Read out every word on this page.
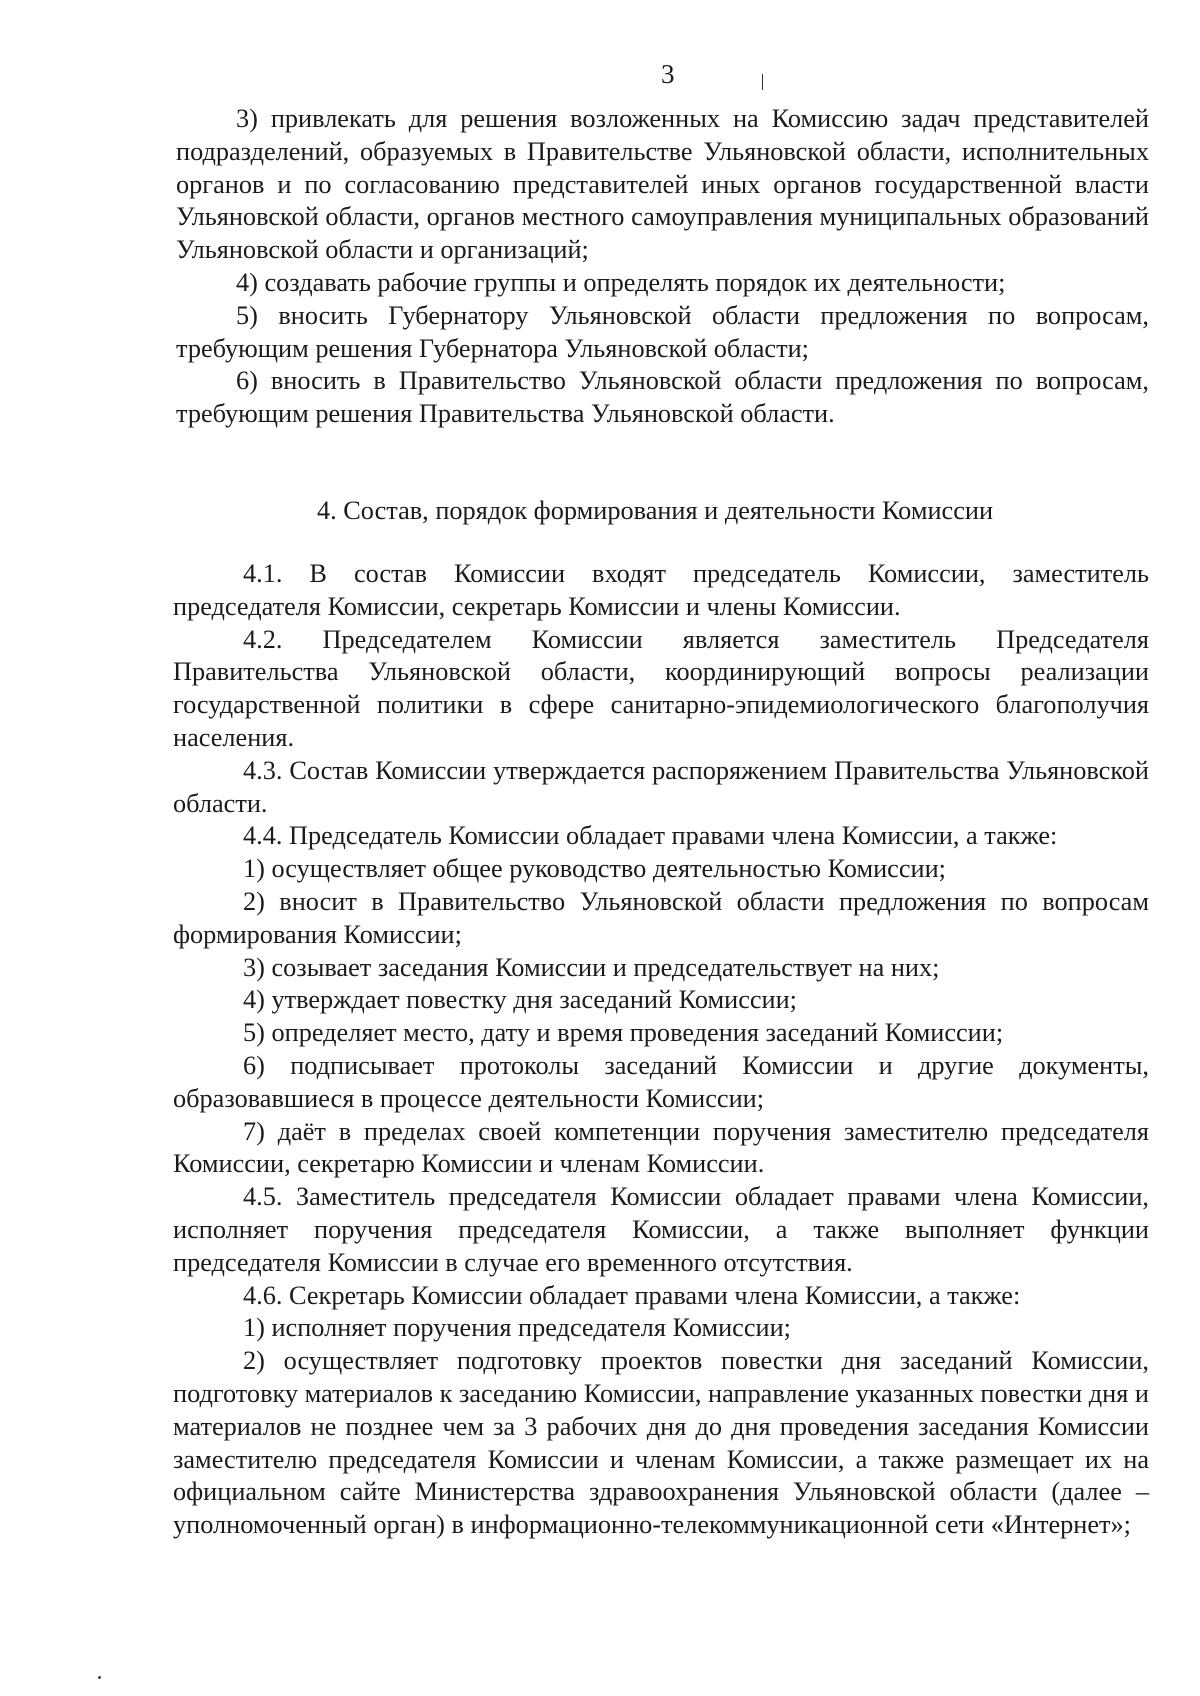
3

3) привлекать для решения возложенных на Комиссию задач представителей подразделений, образуемых в Правительстве Ульяновской области, исполнительных органов и по согласованию представителей иных органов государственной власти Ульяновской области, органов местного самоуправления муниципальных образований Ульяновской области и организаций;

4) создавать рабочие группы и определять порядок их деятельности;

5) вносить Губернатору Ульяновской области предложения по вопросам, требующим решения Губернатора Ульяновской области;

6) вносить в Правительство Ульяновской области предложения по вопросам, требующим решения Правительства Ульяновской области.

4. Состав, порядок формирования и деятельности Комиссии

4.1. В состав Комиссии входят председатель Комиссии, заместитель председателя Комиссии, секретарь Комиссии и члены Комиссии.

4.2. Председателем Комиссии является заместитель Председателя Правительства Ульяновской области, координирующий вопросы реализации государственной политики в сфере санитарно-эпидемиологического благополучия населения.

4.3. Состав Комиссии утверждается распоряжением Правительства Ульяновской области.

4.4. Председатель Комиссии обладает правами члена Комиссии, а также:

1) осуществляет общее руководство деятельностью Комиссии;

2) вносит в Правительство Ульяновской области предложения по вопросам формирования Комиссии;

3) созывает заседания Комиссии и председательствует на них;

4) утверждает повестку дня заседаний Комиссии;

5) определяет место, дату и время проведения заседаний Комиссии;

6) подписывает протоколы заседаний Комиссии и другие документы, образовавшиеся в процессе деятельности Комиссии;

7) даёт в пределах своей компетенции поручения заместителю председателя Комиссии, секретарю Комиссии и членам Комиссии.

4.5. Заместитель председателя Комиссии обладает правами члена Комиссии, исполняет поручения председателя Комиссии, а также выполняет функции председателя Комиссии в случае его временного отсутствия.

4.6. Секретарь Комиссии обладает правами члена Комиссии, а также:

1) исполняет поручения председателя Комиссии;

2) осуществляет подготовку проектов повестки дня заседаний Комиссии, подготовку материалов к заседанию Комиссии, направление указанных повестки дня и материалов не позднее чем за 3 рабочих дня до дня проведения заседания Комиссии заместителю председателя Комиссии и членам Комиссии, а также размещает их на официальном сайте Министерства здравоохранения Ульяновской области (далее – уполномоченный орган) в информационно-телекоммуникационной сети «Интернет»;
